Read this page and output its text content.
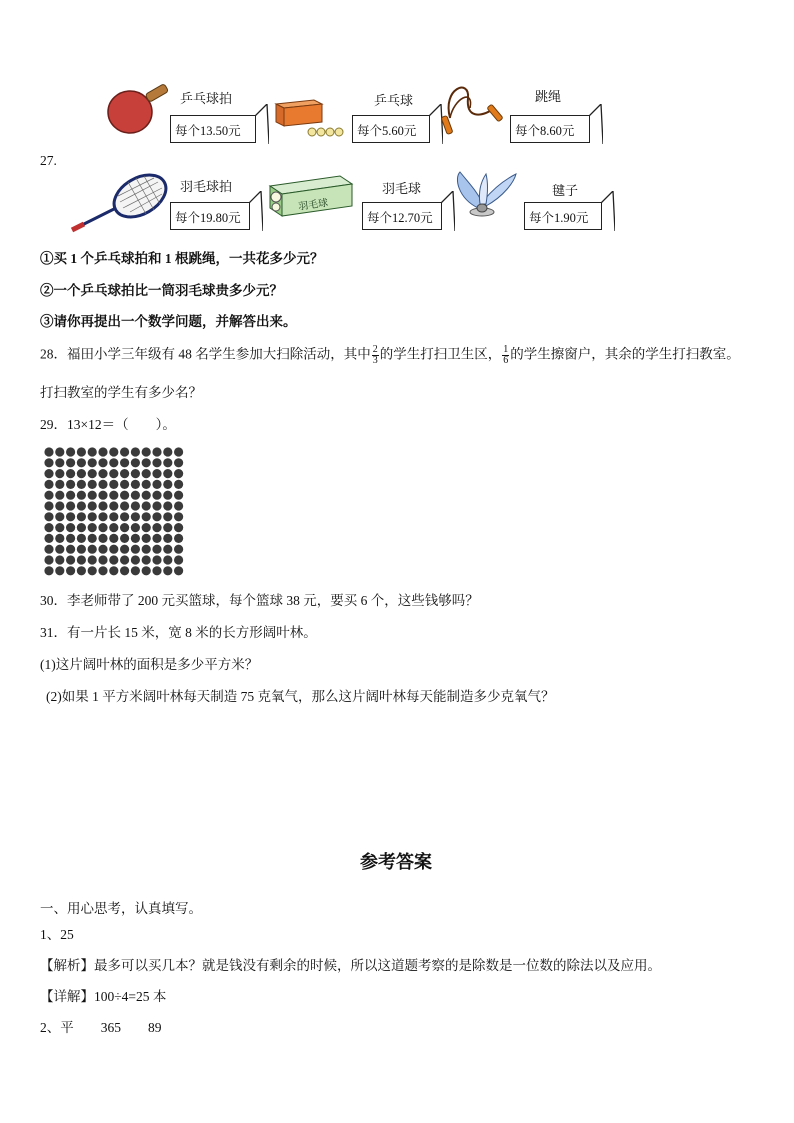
乒乓球拍
每个13.50元
乒乓球
每个5.60元
跳绳
每个8.60元
27.
羽毛球拍
每个19.80元
羽毛球
羽毛球
每个12.70元
毽子
每个1.90元
①买 1 个乒乓球拍和 1 根跳绳，一共花多少元？
②一个乒乓球拍比一筒羽毛球贵多少元？
③请你再提出一个数学问题，并解答出来。
28．福田小学三年级有 48 名学生参加大扫除活动，其中 $\frac{2}{3}$ 的学生打扫卫生区， $\frac{1}{6}$ 的学生擦窗户，其余的学生打扫教室。
打扫教室的学生有多少名？
29．13×12＝（　　）。
30．李老师带了 200 元买篮球，每个篮球 38 元，要买 6 个，这些钱够吗？
31．有一片长 15 米，宽 8 米的长方形阔叶林。
(1)这片阔叶林的面积是多少平方米？
(2)如果 1 平方米阔叶林每天制造 75 克氧气，那么这片阔叶林每天能制造多少克氧气？
参考答案
一、用心思考，认真填写。
1、25
【解析】最多可以买几本？就是钱没有剩余的时候，所以这道题考察的是除数是一位数的除法以及应用。
【详解】100÷4=25 本
2、平　　365　　89
